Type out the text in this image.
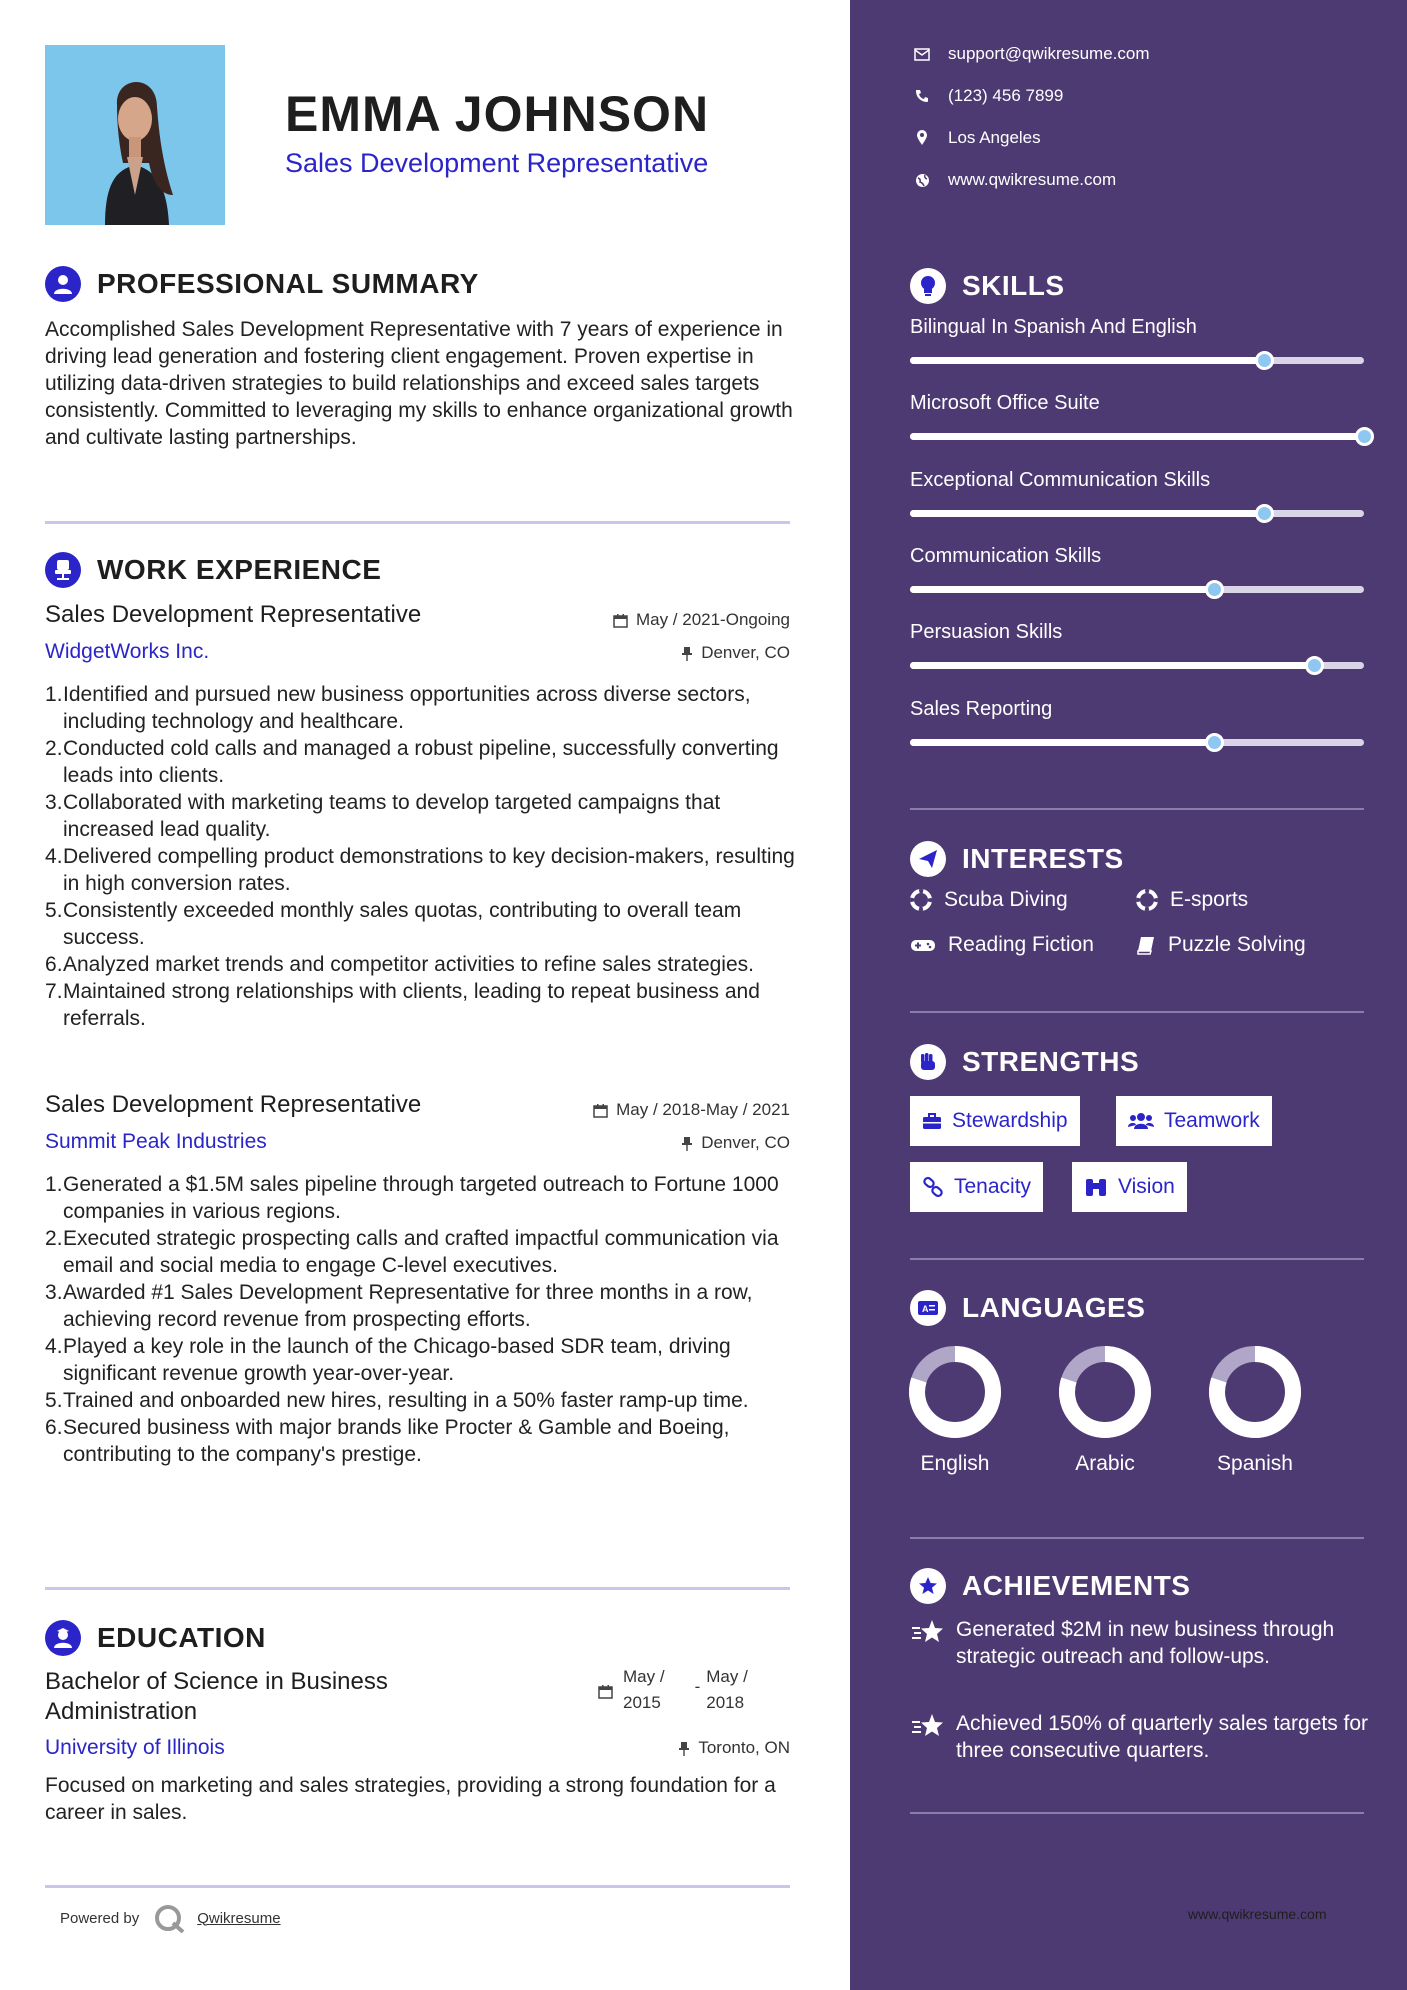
EMMA JOHNSON
Sales Development Representative
PROFESSIONAL SUMMARY
Accomplished Sales Development Representative with 7 years of experience in driving lead generation and fostering client engagement. Proven expertise in utilizing data-driven strategies to build relationships and exceed sales targets consistently. Committed to leveraging my skills to enhance organizational growth and cultivate lasting partnerships.
WORK EXPERIENCE
Sales Development Representative	May / 2021-Ongoing
WidgetWorks Inc.	Denver, CO
Identified and pursued new business opportunities across diverse sectors, including technology and healthcare.
Conducted cold calls and managed a robust pipeline, successfully converting leads into clients.
Collaborated with marketing teams to develop targeted campaigns that increased lead quality.
Delivered compelling product demonstrations to key decision-makers, resulting in high conversion rates.
Consistently exceeded monthly sales quotas, contributing to overall team success.
Analyzed market trends and competitor activities to refine sales strategies.
Maintained strong relationships with clients, leading to repeat business and referrals.
Sales Development Representative	May / 2018-May / 2021
Summit Peak Industries	Denver, CO
Generated a $1.5M sales pipeline through targeted outreach to Fortune 1000 companies in various regions.
Executed strategic prospecting calls and crafted impactful communication via email and social media to engage C-level executives.
Awarded #1 Sales Development Representative for three months in a row, achieving record revenue from prospecting efforts.
Played a key role in the launch of the Chicago-based SDR team, driving significant revenue growth year-over-year.
Trained and onboarded new hires, resulting in a 50% faster ramp-up time.
Secured business with major brands like Procter & Gamble and Boeing, contributing to the company's prestige.
EDUCATION
Bachelor of Science in Business Administration
May /
2015
-
May /
2018
University of Illinois	Toronto, ON
Focused on marketing and sales strategies, providing a strong foundation for a career in sales.
Powered by	Qwikresume
support@qwikresume.com
(123) 456 7899
Los Angeles
www.qwikresume.com
SKILLS
Bilingual In Spanish And English
Microsoft Office Suite
Exceptional Communication Skills
Communication Skills
Persuasion Skills
Sales Reporting
INTERESTS
Scuba Diving	E-sports
Reading Fiction	Puzzle Solving
STRENGTHS
Stewardship	Teamwork
Tenacity	Vision
A LANGUAGES
English	Arabic	Spanish
ACHIEVEMENTS
Generated $2M in new business through strategic outreach and follow-ups.
Achieved 150% of quarterly sales targets for three consecutive quarters.
www.qwikresume.com
